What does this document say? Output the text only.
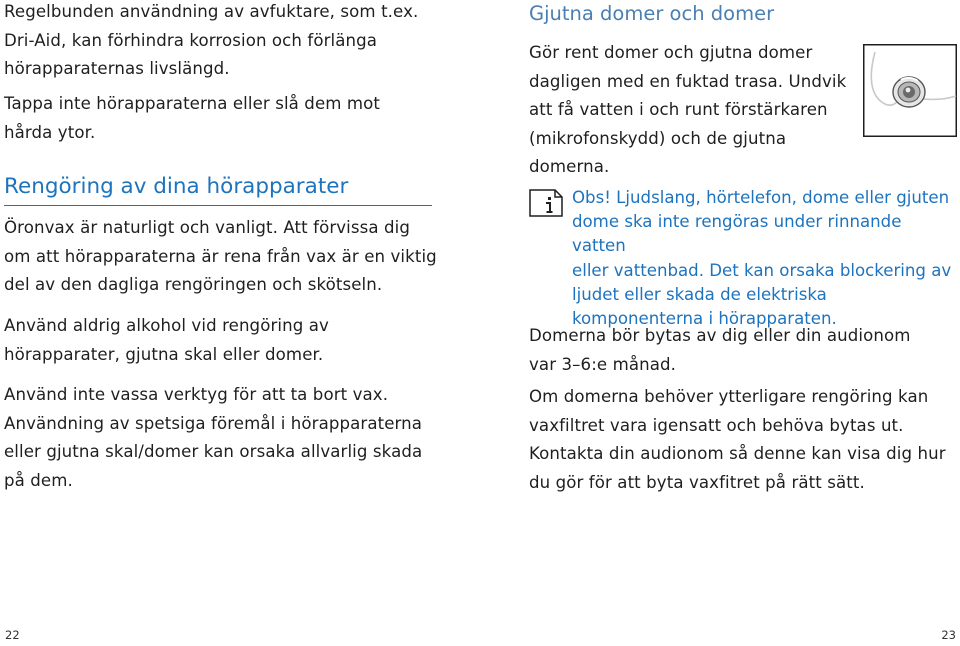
Regelbunden användning av avfuktare, som t.ex.
Dri-Aid, kan förhindra korrosion och förlänga
hörapparaternas livslängd.

Tappa inte hörapparaterna eller slå dem mot
hårda ytor.

Rengöring av dina hörapparater

Öronvax är naturligt och vanligt. Att förvissa dig
om att hörapparaterna är rena från vax är en viktig
del av den dagliga rengöringen och skötseln.

Använd aldrig alkohol vid rengöring av
hörapparater, gjutna skal eller domer.

Använd inte vassa verktyg för att ta bort vax.
Användning av spetsiga föremål i hörapparaterna
eller gjutna skal/domer kan orsaka allvarlig skada
på dem.

Gjutna domer och domer

Gör rent domer och gjutna domer
dagligen med en fuktad trasa. Undvik
att få vatten i och runt förstärkaren
(mikrofonskydd) och de gjutna
domerna.

Obs! Ljudslang, hörtelefon, dome eller gjuten
dome ska inte rengöras under rinnande vatten
eller vattenbad. Det kan orsaka blockering av
ljudet eller skada de elektriska
komponenterna i hörapparaten.

Domerna bör bytas av dig eller din audionom
var 3–6:e månad.

Om domerna behöver ytterligare rengöring kan
vaxfiltret vara igensatt och behöva bytas ut.
Kontakta din audionom så denne kan visa dig hur
du gör för att byta vaxfitret på rätt sätt.

22	23
